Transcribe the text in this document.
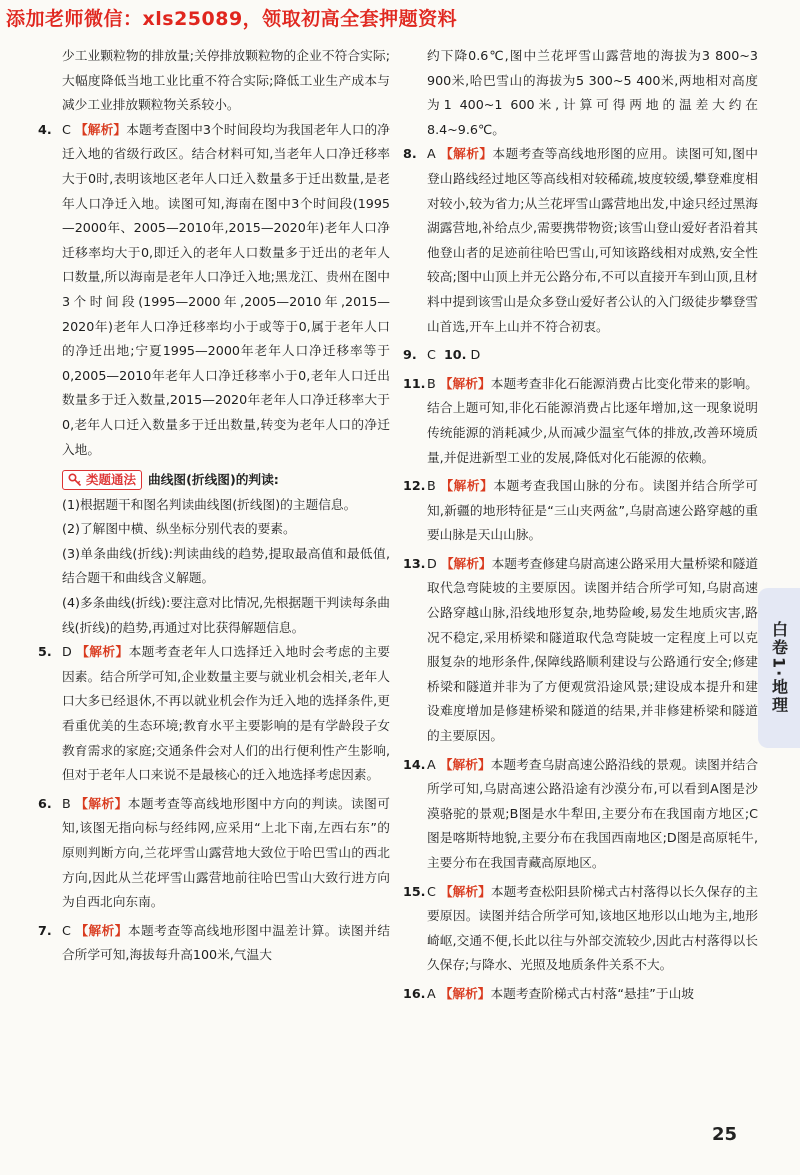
添加老师微信：xls25089，领取初高全套押题资料

少工业颗粒物的排放量;关停排放颗粒物的企业不符合实际;大幅度降低当地工业比重不符合实际;降低工业生产成本与减少工业排放颗粒物关系较小。

4. C 【解析】本题考查图中3个时间段均为我国老年人口的净迁入地的省级行政区。结合材料可知,当老年人口净迁移率大于0时,表明该地区老年人口迁入数量多于迁出数量,是老年人口净迁入地。读图可知,海南在图中3个时间段(1995—2000年、2005—2010年,2015—2020年)老年人口净迁移率均大于0,即迁入的老年人口数量多于迁出的老年人口数量,所以海南是老年人口净迁入地;黑龙江、贵州在图中3个时间段(1995—2000年,2005—2010年,2015—2020年)老年人口净迁移率均小于或等于0,属于老年人口的净迁出地;宁夏1995—2000年老年人口净迁移率等于0,2005—2010年老年人口净迁移率小于0,老年人口迁出数量多于迁入数量,2015—2020年老年人口净迁移率大于0,老年人口迁入数量多于迁出数量,转变为老年人口的净迁入地。

类题通法 曲线图(折线图)的判读:

(1)根据题干和图名判读曲线图(折线图)的主题信息。

(2)了解图中横、纵坐标分别代表的要素。

(3)单条曲线(折线):判读曲线的趋势,提取最高值和最低值,结合题干和曲线含义解题。

(4)多条曲线(折线):要注意对比情况,先根据题干判读每条曲线(折线)的趋势,再通过对比获得解题信息。

5. D 【解析】本题考查老年人口选择迁入地时会考虑的主要因素。结合所学可知,企业数量主要与就业机会相关,老年人口大多已经退休,不再以就业机会作为迁入地的选择条件,更看重优美的生态环境;教育水平主要影响的是有学龄段子女教育需求的家庭;交通条件会对人们的出行便利性产生影响,但对于老年人口来说不是最核心的迁入地选择考虑因素。

6. B 【解析】本题考查等高线地形图中方向的判读。读图可知,该图无指向标与经纬网,应采用“上北下南,左西右东”的原则判断方向,兰花坪雪山露营地大致位于哈巴雪山的西北方向,因此从兰花坪雪山露营地前往哈巴雪山大致行进方向为自西北向东南。

7. C 【解析】本题考查等高线地形图中温差计算。读图并结合所学可知,海拔每升高100米,气温大

约下降0.6℃,图中兰花坪雪山露营地的海拔为3 800~3 900米,哈巴雪山的海拔为5 300~5 400米,两地相对高度为1 400~1 600米,计算可得两地的温差大约在8.4~9.6℃。

8. A 【解析】本题考查等高线地形图的应用。读图可知,图中登山路线经过地区等高线相对较稀疏,坡度较缓,攀登难度相对较小,较为省力;从兰花坪雪山露营地出发,中途只经过黑海湖露营地,补给点少,需要携带物资;该雪山登山爱好者沿着其他登山者的足迹前往哈巴雪山,可知该路线相对成熟,安全性较高;图中山顶上并无公路分布,不可以直接开车到山顶,且材料中提到该雪山是众多登山爱好者公认的入门级徒步攀登雪山首选,开车上山并不符合初衷。

9. C 10. D

11. B 【解析】本题考查非化石能源消费占比变化带来的影响。结合上题可知,非化石能源消费占比逐年增加,这一现象说明传统能源的消耗减少,从而减少温室气体的排放,改善环境质量,并促进新型工业的发展,降低对化石能源的依赖。

12. B 【解析】本题考查我国山脉的分布。读图并结合所学可知,新疆的地形特征是“三山夹两盆”,乌尉高速公路穿越的重要山脉是天山山脉。

13. D 【解析】本题考查修建乌尉高速公路采用大量桥梁和隧道取代急弯陡坡的主要原因。读图并结合所学可知,乌尉高速公路穿越山脉,沿线地形复杂,地势险峻,易发生地质灾害,路况不稳定,采用桥梁和隧道取代急弯陡坡一定程度上可以克服复杂的地形条件,保障线路顺利建设与公路通行安全;修建桥梁和隧道并非为了方便观赏沿途风景;建设成本提升和建设难度增加是修建桥梁和隧道的结果,并非修建桥梁和隧道的主要原因。

14. A 【解析】本题考查乌尉高速公路沿线的景观。读图并结合所学可知,乌尉高速公路沿途有沙漠分布,可以看到A图是沙漠骆驼的景观;B图是水牛犁田,主要分布在我国南方地区;C图是喀斯特地貌,主要分布在我国西南地区;D图是高原牦牛,主要分布在我国青藏高原地区。

15. C 【解析】本题考查松阳县阶梯式古村落得以长久保存的主要原因。读图并结合所学可知,该地区地形以山地为主,地形崎岖,交通不便,长此以往与外部交流较少,因此古村落得以长久保存;与降水、光照及地质条件关系不大。

16. A 【解析】本题考查阶梯式古村落“悬挂”于山坡

白卷1·地理
25
